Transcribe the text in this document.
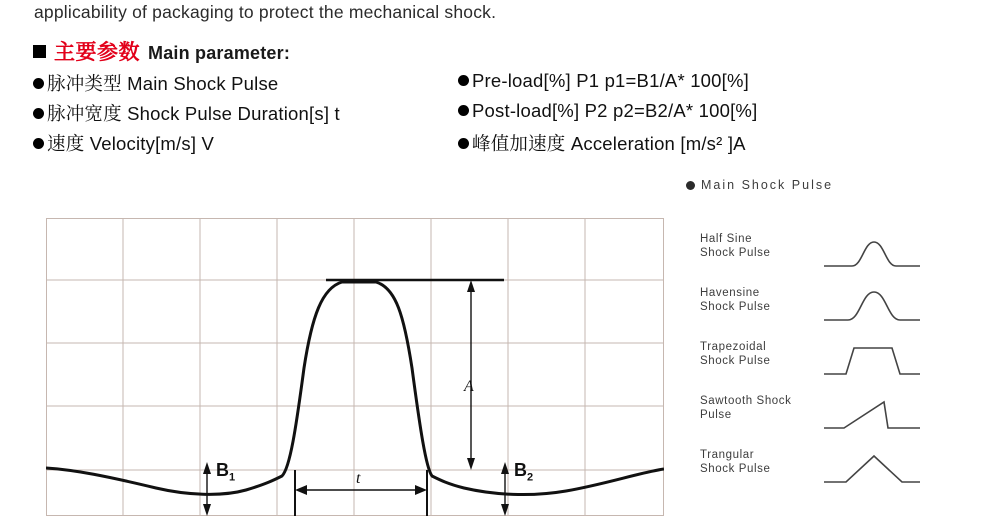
applicability of packaging to protect the mechanical shock.
主要参数 Main parameter:
脉冲类型 Main Shock Pulse	Pre-load[%] P1 p1=B1/A* 100[%]
脉冲宽度 Shock Pulse Duration[s] t	Post-load[%] P2 p2=B2/A* 100[%]
速度 Velocity[m/s] V	峰值加速度 Acceleration [m/s² ]A
A
t
$B_1$	$B_2$
Main Shock Pulse
Half Sine
Shock Pulse
Havensine
Shock Pulse
Trapezoidal
Shock Pulse
Sawtooth Shock
Pulse
Trangular
Shock Pulse
